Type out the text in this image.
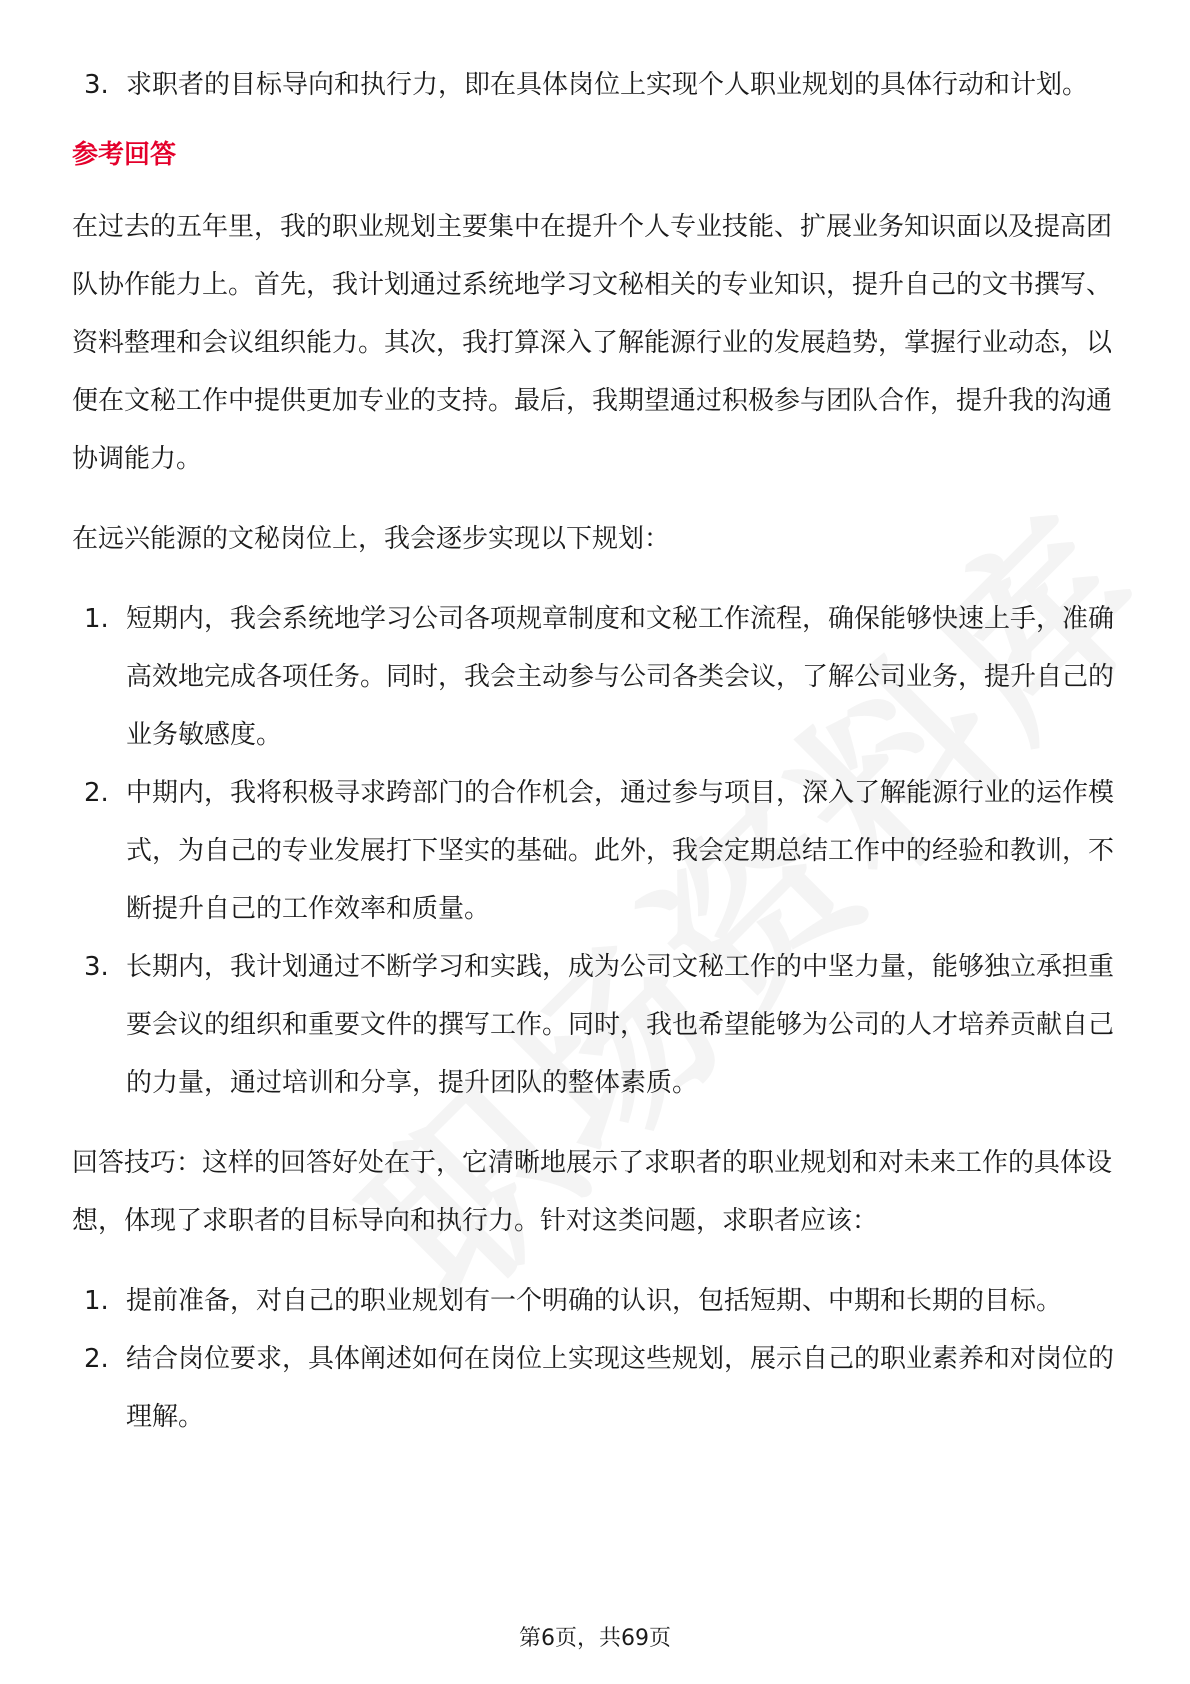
3. 求职者的目标导向和执行力，即在具体岗位上实现个人职业规划的具体行动和计划。
参考回答
在过去的五年里，我的职业规划主要集中在提升个人专业技能、扩展业务知识面以及提高团队协作能力上。首先，我计划通过系统地学习文秘相关的专业知识，提升自己的文书撰写、资料整理和会议组织能力。其次，我打算深入了解能源行业的发展趋势，掌握行业动态，以便在文秘工作中提供更加专业的支持。最后，我期望通过积极参与团队合作，提升我的沟通协调能力。
在远兴能源的文秘岗位上，我会逐步实现以下规划：
1. 短期内，我会系统地学习公司各项规章制度和文秘工作流程，确保能够快速上手，准确高效地完成各项任务。同时，我会主动参与公司各类会议，了解公司业务，提升自己的业务敏感度。
2. 中期内，我将积极寻求跨部门的合作机会，通过参与项目，深入了解能源行业的运作模式，为自己的专业发展打下坚实的基础。此外，我会定期总结工作中的经验和教训，不断提升自己的工作效率和质量。
3. 长期内，我计划通过不断学习和实践，成为公司文秘工作的中坚力量，能够独立承担重要会议的组织和重要文件的撰写工作。同时，我也希望能够为公司的人才培养贡献自己的力量，通过培训和分享，提升团队的整体素质。
回答技巧：这样的回答好处在于，它清晰地展示了求职者的职业规划和对未来工作的具体设想，体现了求职者的目标导向和执行力。针对这类问题，求职者应该：
1. 提前准备，对自己的职业规划有一个明确的认识，包括短期、中期和长期的目标。
2. 结合岗位要求，具体阐述如何在岗位上实现这些规划，展示自己的职业素养和对岗位的理解。
第6页，共69页
